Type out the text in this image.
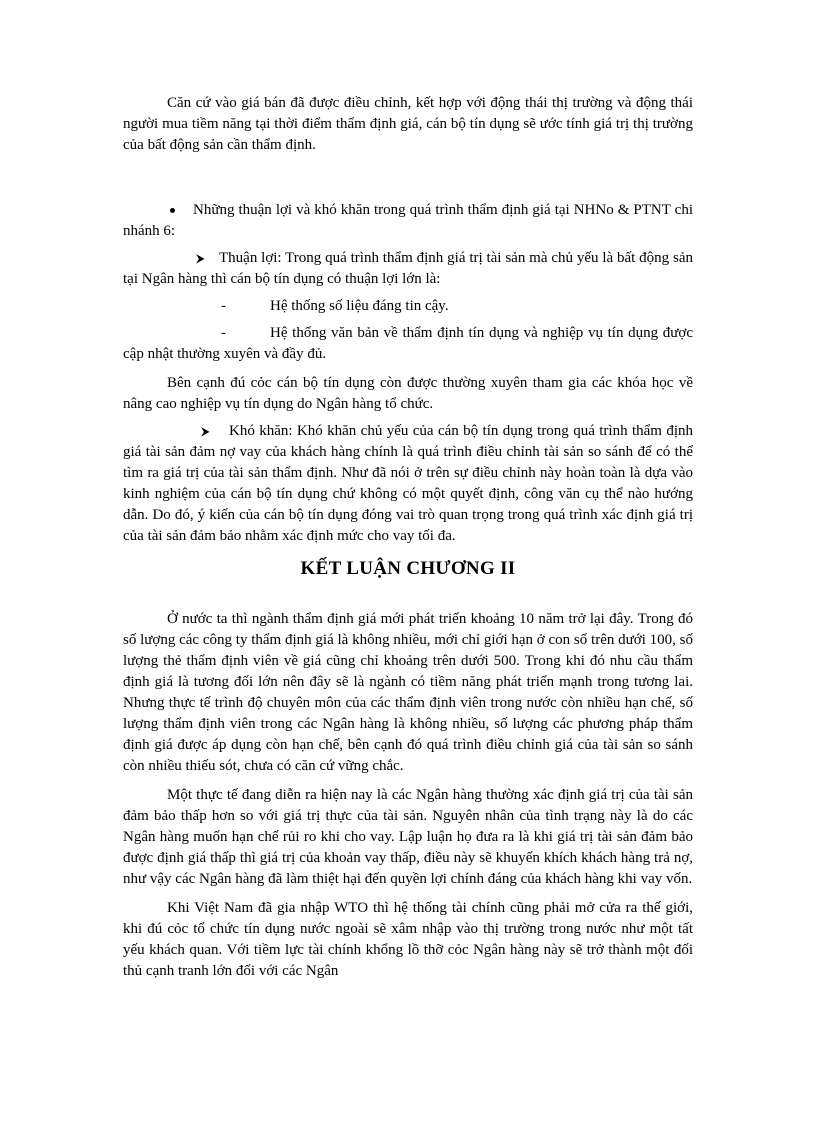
Căn cứ vào giá bán đã được điều chỉnh, kết hợp với động thái thị trường và động thái người mua tiềm năng tại thời điểm thẩm định giá, cán bộ tín dụng sẽ ước tính giá trị thị trường của bất động sản cần thẩm định.

Những thuận lợi và khó khăn trong quá trình thẩm định giá tại NHNo & PTNT chi nhánh 6:
⮞ Thuận lợi: Trong quá trình thẩm định giá trị tài sản mà chủ yếu là bất động sản tại Ngân hàng thì cán bộ tín dụng có thuận lợi lớn là:
-	Hệ thống số liệu đáng tin cậy.
-	Hệ thống văn bản về thẩm định tín dụng và nghiệp vụ tín dụng được cập nhật thường xuyên và đầy đủ.

Bên cạnh đú cỏc cán bộ tín dụng còn được thường xuyên tham gia các khóa học về nâng cao nghiệp vụ tín dụng do Ngân hàng tổ chức.

⮞ Khó khăn: Khó khăn chủ yếu của cán bộ tín dụng trong quá trình thẩm định giá tài sản đảm nợ vay của khách hàng chính là quá trình điều chỉnh tài sản so sánh để có thể tìm ra giá trị của tài sản thẩm định. Như đã nói ở trên sự điều chỉnh này hoàn toàn là dựa vào kinh nghiệm của cán bộ tín dụng chứ không có một quyết định, công văn cụ thể nào hướng dẫn. Do đó, ý kiến của cán bộ tín dụng đóng vai trò quan trọng trong quá trình xác định giá trị của tài sản đảm bảo nhằm xác định mức cho vay tối đa.
KẾT LUẬN CHƯƠNG II

Ở nước ta thì ngành thẩm định giá mới phát triển khoảng 10 năm trở lại đây. Trong đó số lượng các công ty thẩm định giá là không nhiều, mới chỉ giới hạn ở con số trên dưới 100, số lượng thẻ thẩm định viên về giá cũng chỉ khoảng trên dưới 500. Trong khi đó nhu cầu thẩm định giá là tương đối lớn nên đây sẽ là ngành có tiềm năng phát triển mạnh trong tương lai. Nhưng thực tế trình độ chuyên môn của các thẩm định viên trong nước còn nhiều hạn chế, số lượng thẩm định viên trong các Ngân hàng là không nhiều, số lượng các phương pháp thẩm định giá được áp dụng còn hạn chế, bên cạnh đó quá trình điều chỉnh giá của tài sản so sánh còn nhiều thiếu sót, chưa có căn cứ vững chắc.

Một thực tế đang diễn ra hiện nay là các Ngân hàng thường xác định giá trị của tài sản đảm bảo thấp hơn so với giá trị thực của tài sản. Nguyên nhân của tình trạng này là do các Ngân hàng muốn hạn chế rủi ro khi cho vay. Lập luận họ đưa ra là khi giá trị tài sản đảm bảo được định giá thấp thì giá trị của khoản vay thấp, điều này sẽ khuyến khích khách hàng trả nợ, như vậy các Ngân hàng đã làm thiệt hại đến quyền lợi chính đáng của khách hàng khi vay vốn.

Khi Việt Nam đã gia nhập WTO thì hệ thống tài chính cũng phải mở cửa ra thế giới, khi đú cỏc tổ chức tín dụng nước ngoài sẽ xâm nhập vào thị trường trong nước như một tất yếu khách quan. Với tiềm lực tài chính khổng lồ thỡ cỏc Ngân hàng này sẽ trở thành một đối thủ cạnh tranh lớn đối với các Ngân
